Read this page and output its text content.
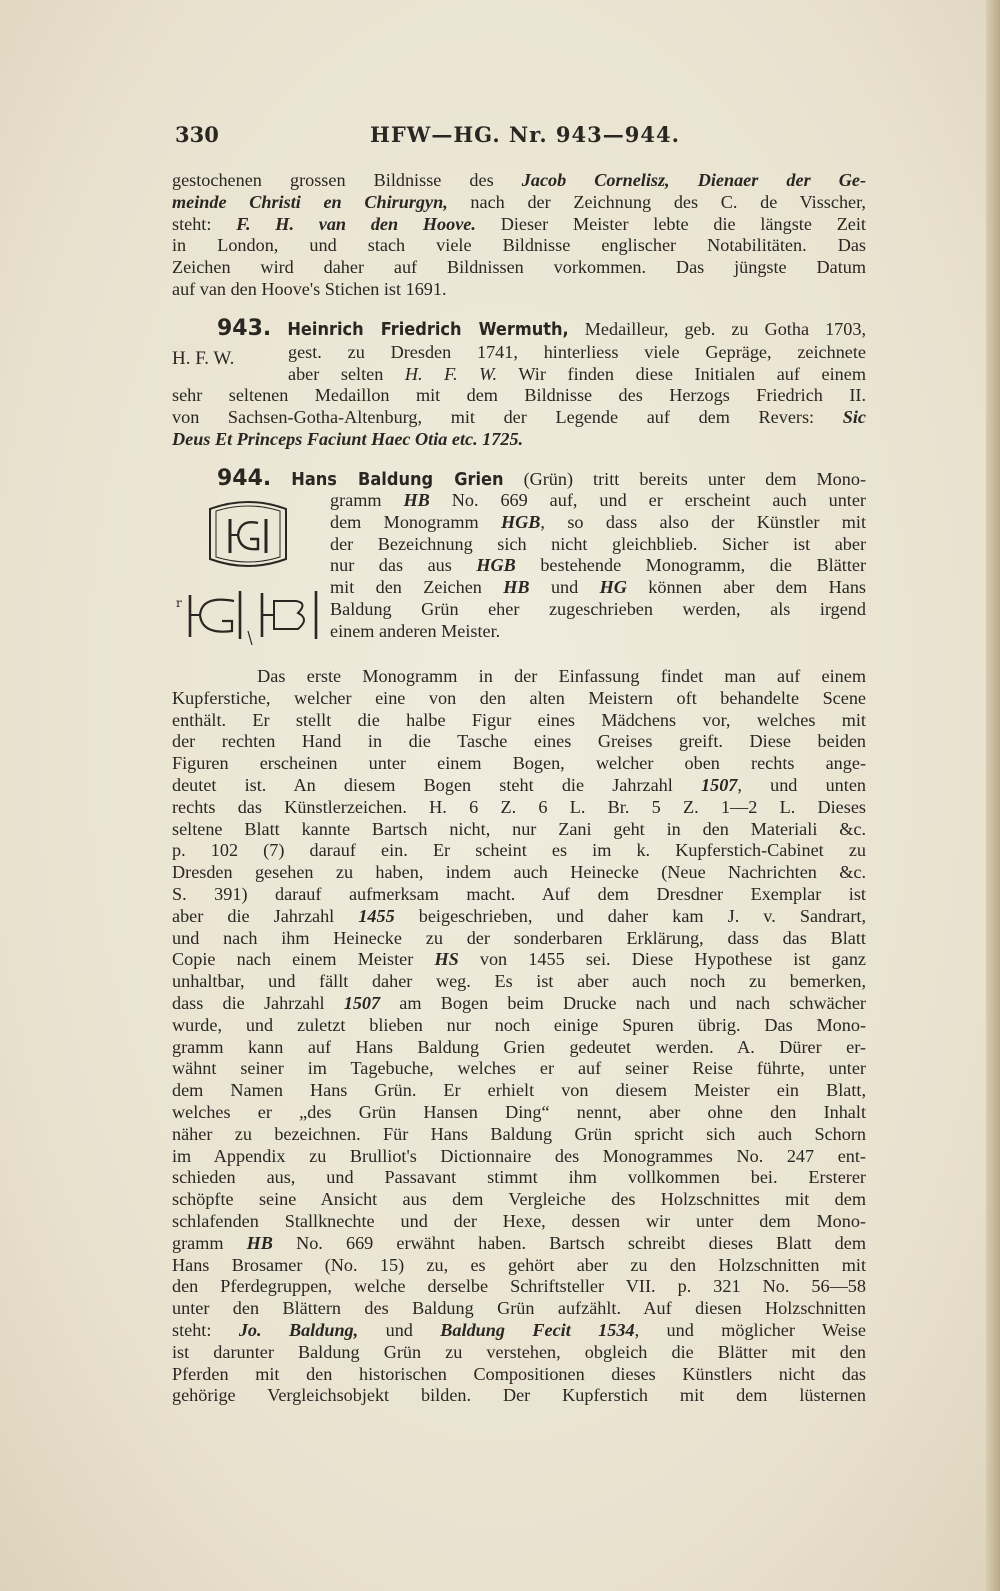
330	HFW—HG. Nr. 943—944.
gestochenen grossen Bildnisse des Jacob Cornelisz, Dienaer der Ge-
meinde Christi en Chirurgyn, nach der Zeichnung des C. de Visscher,
steht: F. H. van den Hoove. Dieser Meister lebte die längste Zeit
in London, und stach viele Bildnisse englischer Notabilitäten. Das
Zeichen wird daher auf Bildnissen vorkommen. Das jüngste Datum
auf van den Hoove's Stichen ist 1691.
943. Heinrich Friedrich Wermuth, Medailleur, geb. zu Gotha 1703,
H. F. W.	gest. zu Dresden 1741, hinterliess viele Gepräge, zeichnete
aber selten H. F. W. Wir finden diese Initialen auf einem
sehr seltenen Medaillon mit dem Bildnisse des Herzogs Friedrich II.
von Sachsen-Gotha-Altenburg, mit der Legende auf dem Revers: Sic
Deus Et Princeps Faciunt Haec Otia etc. 1725.
944. Hans Baldung Grien (Grün) tritt bereits unter dem Mono-
gramm HB No. 669 auf, und er erscheint auch unter
dem Monogramm HGB, so dass also der Künstler mit
der Bezeichnung sich nicht gleichblieb. Sicher ist aber
nur das aus HGB bestehende Monogramm, die Blätter
mit den Zeichen HB und HG können aber dem Hans
Baldung Grün eher zugeschrieben werden, als irgend
einem anderen Meister.
r
Das erste Monogramm in der Einfassung findet man auf einem
Kupferstiche, welcher eine von den alten Meistern oft behandelte Scene
enthält. Er stellt die halbe Figur eines Mädchens vor, welches mit
der rechten Hand in die Tasche eines Greises greift. Diese beiden
Figuren erscheinen unter einem Bogen, welcher oben rechts ange-
deutet ist. An diesem Bogen steht die Jahrzahl 1507, und unten
rechts das Künstlerzeichen. H. 6 Z. 6 L. Br. 5 Z. 1—2 L. Dieses
seltene Blatt kannte Bartsch nicht, nur Zani geht in den Materiali &c.
p. 102 (7) darauf ein. Er scheint es im k. Kupferstich-Cabinet zu
Dresden gesehen zu haben, indem auch Heinecke (Neue Nachrichten &c.
S. 391) darauf aufmerksam macht. Auf dem Dresdner Exemplar ist
aber die Jahrzahl 1455 beigeschrieben, und daher kam J. v. Sandrart,
und nach ihm Heinecke zu der sonderbaren Erklärung, dass das Blatt
Copie nach einem Meister HS von 1455 sei. Diese Hypothese ist ganz
unhaltbar, und fällt daher weg. Es ist aber auch noch zu bemerken,
dass die Jahrzahl 1507 am Bogen beim Drucke nach und nach schwächer
wurde, und zuletzt blieben nur noch einige Spuren übrig. Das Mono-
gramm kann auf Hans Baldung Grien gedeutet werden. A. Dürer er-
wähnt seiner im Tagebuche, welches er auf seiner Reise führte, unter
dem Namen Hans Grün. Er erhielt von diesem Meister ein Blatt,
welches er „des Grün Hansen Ding“ nennt, aber ohne den Inhalt
näher zu bezeichnen. Für Hans Baldung Grün spricht sich auch Schorn
im Appendix zu Brulliot's Dictionnaire des Monogrammes No. 247 ent-
schieden aus, und Passavant stimmt ihm vollkommen bei. Ersterer
schöpfte seine Ansicht aus dem Vergleiche des Holzschnittes mit dem
schlafenden Stallknechte und der Hexe, dessen wir unter dem Mono-
gramm HB No. 669 erwähnt haben. Bartsch schreibt dieses Blatt dem
Hans Brosamer (No. 15) zu, es gehört aber zu den Holzschnitten mit
den Pferdegruppen, welche derselbe Schriftsteller VII. p. 321 No. 56—58
unter den Blättern des Baldung Grün aufzählt. Auf diesen Holzschnitten
steht: Jo. Baldung, und Baldung Fecit 1534, und möglicher Weise
ist darunter Baldung Grün zu verstehen, obgleich die Blätter mit den
Pferden mit den historischen Compositionen dieses Künstlers nicht das
gehörige Vergleichsobjekt bilden. Der Kupferstich mit dem lüsternen
